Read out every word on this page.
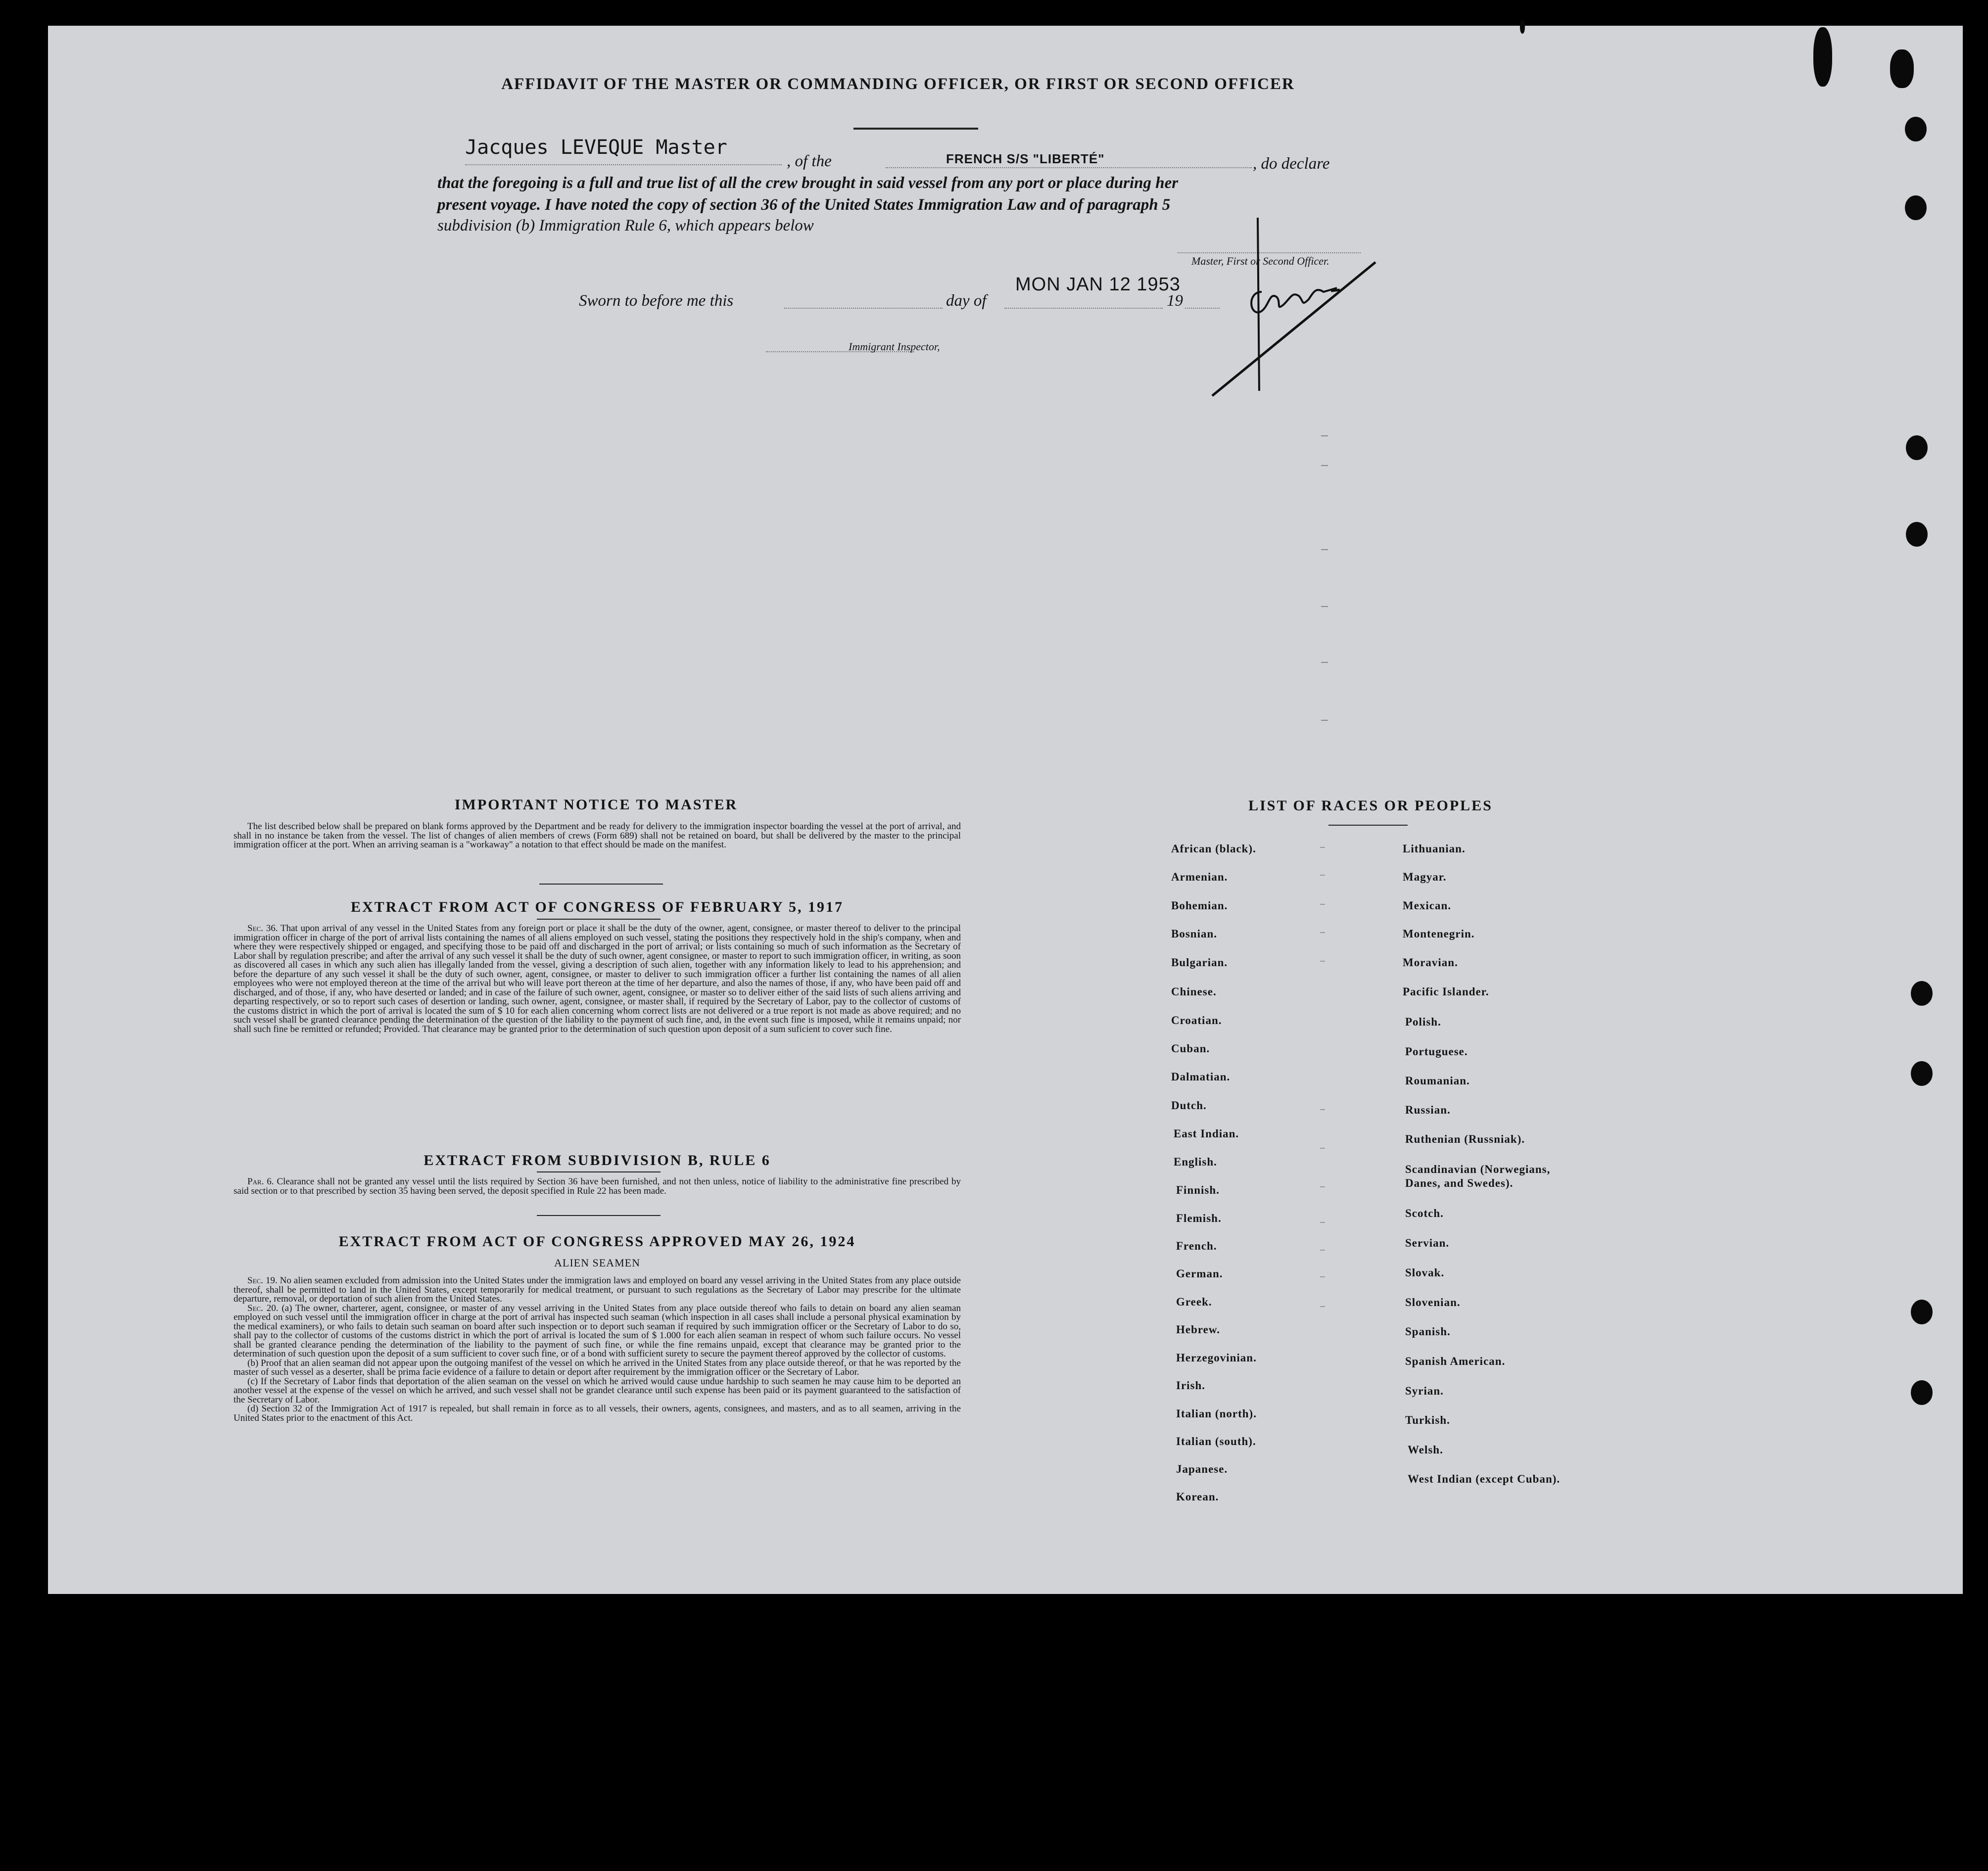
AFFIDAVIT OF THE MASTER OR COMMANDING OFFICER, OR FIRST OR SECOND OFFICER
Jacques LEVEQUE Master
, of the	FRENCH S/S "LIBERTÉ"	, do declare
that the foregoing is a full and true list of all the crew brought in said vessel from any port or place during her
present voyage. I have noted the copy of section 36 of the United States Immigration Law and of paragraph 5
subdivision (b) Immigration Rule 6, which appears below
Master, First or Second Officer.
Sworn to before me this	day of
MON JAN 12 1953
19
Immigrant Inspector,
IMPORTANT NOTICE TO MASTER

The list described below shall be prepared on blank forms approved by the Department and be ready for delivery to the immigration inspector boarding the vessel at the port of arrival, and shall in no instance be taken from the vessel. The list of changes of alien members of crews (Form 689) shall not be retained on board, but shall be delivered by the master to the principal immigration officer at the port. When an arriving seaman is a "workaway" a notation to that effect should be made on the manifest.

EXTRACT FROM ACT OF CONGRESS OF FEBRUARY 5, 1917

Sec. 36. That upon arrival of any vessel in the United States from any foreign port or place it shall be the duty of the owner, agent, consignee, or master thereof to deliver to the principal immigration officer in charge of the port of arrival lists containing the names of all aliens employed on such vessel, stating the positions they respectively hold in the ship's company, when and where they were respectively shipped or engaged, and specifying those to be paid off and discharged in the port of arrival; or lists containing so much of such information as the Secretary of Labor shall by regulation prescribe; and after the arrival of any such vessel it shall be the duty of such owner, agent consignee, or master to report to such immigration officer, in writing, as soon as discovered all cases in which any such alien has illegally landed from the vessel, giving a description of such alien, together with any information likely to lead to his apprehension; and before the departure of any such vessel it shall be the duty of such owner, agent, consignee, or master to deliver to such immigration officer a further list containing the names of all alien employees who were not employed thereon at the time of the arrival but who will leave port thereon at the time of her departure, and also the names of those, if any, who have been paid off and discharged, and of those, if any, who have deserted or landed; and in case of the failure of such owner, agent, consignee, or master so to deliver either of the said lists of such aliens arriving and departing respectively, or so to report such cases of desertion or landing, such owner, agent, consignee, or master shall, if required by the Secretary of Labor, pay to the collector of customs of the customs district in which the port of arrival is located the sum of $ 10 for each alien concerning whom correct lists are not delivered or a true report is not made as above required; and no such vessel shall be granted clearance pending the determination of the question of the liability to the payment of such fine, and, in the event such fine is imposed, while it remains unpaid; nor shall such fine be remitted or refunded; Provided. That clearance may be granted prior to the determination of such question upon deposit of a sum suficient to cover such fine.

EXTRACT FROM SUBDIVISION B, RULE 6

Par. 6. Clearance shall not be granted any vessel until the lists required by Section 36 have been furnished, and not then unless, notice of liability to the administrative fine prescribed by said section or to that prescribed by section 35 having been served, the deposit specified in Rule 22 has been made.

EXTRACT FROM ACT OF CONGRESS APPROVED MAY 26, 1924
ALIEN SEAMEN

Sec. 19. No alien seamen excluded from admission into the United States under the immigration laws and employed on board any vessel arriving in the United States from any place outside thereof, shall be permitted to land in the United States, except temporarily for medical treatment, or pursuant to such regulations as the Secretary of Labor may prescribe for the ultimate departure, removal, or deportation of such alien from the United States.

Sec. 20. (a) The owner, charterer, agent, consignee, or master of any vessel arriving in the United States from any place outside thereof who fails to detain on board any alien seaman employed on such vessel until the immigration officer in charge at the port of arrival has inspected such seaman (which inspection in all cases shall include a personal physical examination by the medical examiners), or who fails to detain such seaman on board after such inspection or to deport such seaman if required by such immigration officer or the Secretary of Labor to do so, shall pay to the collector of customs of the customs district in which the port of arrival is located the sum of $ 1.000 for each alien seaman in respect of whom such failure occurs. No vessel shall be granted clearance pending the determination of the liability to the payment of such fine, or while the fine remains unpaid, except that clearance may be granted prior to the determination of such question upon the deposit of a sum sufficient to cover such fine, or of a bond with sufficient surety to secure the payment thereof approved by the collector of customs.

(b) Proof that an alien seaman did not appear upon the outgoing manifest of the vessel on which he arrived in the United States from any place outside thereof, or that he was reported by the master of such vessel as a deserter, shall be prima facie evidence of a failure to detain or deport after requirement by the immigration officer or the Secretary of Labor.

(c) If the Secretary of Labor finds that deportation of the alien seaman on the vessel on which he arrived would cause undue hardship to such seamen he may cause him to be deported an another vessel at the expense of the vessel on which he arrived, and such vessel shall not be grandet clearance until such expense has been paid or its payment guaranteed to the satisfaction of the Secretary of Labor.

(d) Section 32 of the Immigration Act of 1917 is repealed, but shall remain in force as to all vessels, their owners, agents, consignees, and masters, and as to all seamen, arriving in the United States prior to the enactment of this Act.

LIST OF RACES OR PEOPLES
African (black).
Armenian.
Bohemian.
Bosnian.
Bulgarian.
Chinese.
Croatian.
Cuban.
Dalmatian.
Dutch.
East Indian.
English.
Finnish.
Flemish.
French.
German.
Greek.
Hebrew.
Herzegovinian.
Irish.
Italian (north).
Italian (south).
Japanese.
Korean.
Lithuanian.
Magyar.
Mexican.
Montenegrin.
Moravian.
Pacific Islander.
Polish.
Portuguese.
Roumanian.
Russian.
Ruthenian (Russniak).
Scandinavian (Norwegians, Danes, and Swedes).
Scotch.
Servian.
Slovak.
Slovenian.
Spanish.
Spanish American.
Syrian.
Turkish.
Welsh.
West Indian (except Cuban).
